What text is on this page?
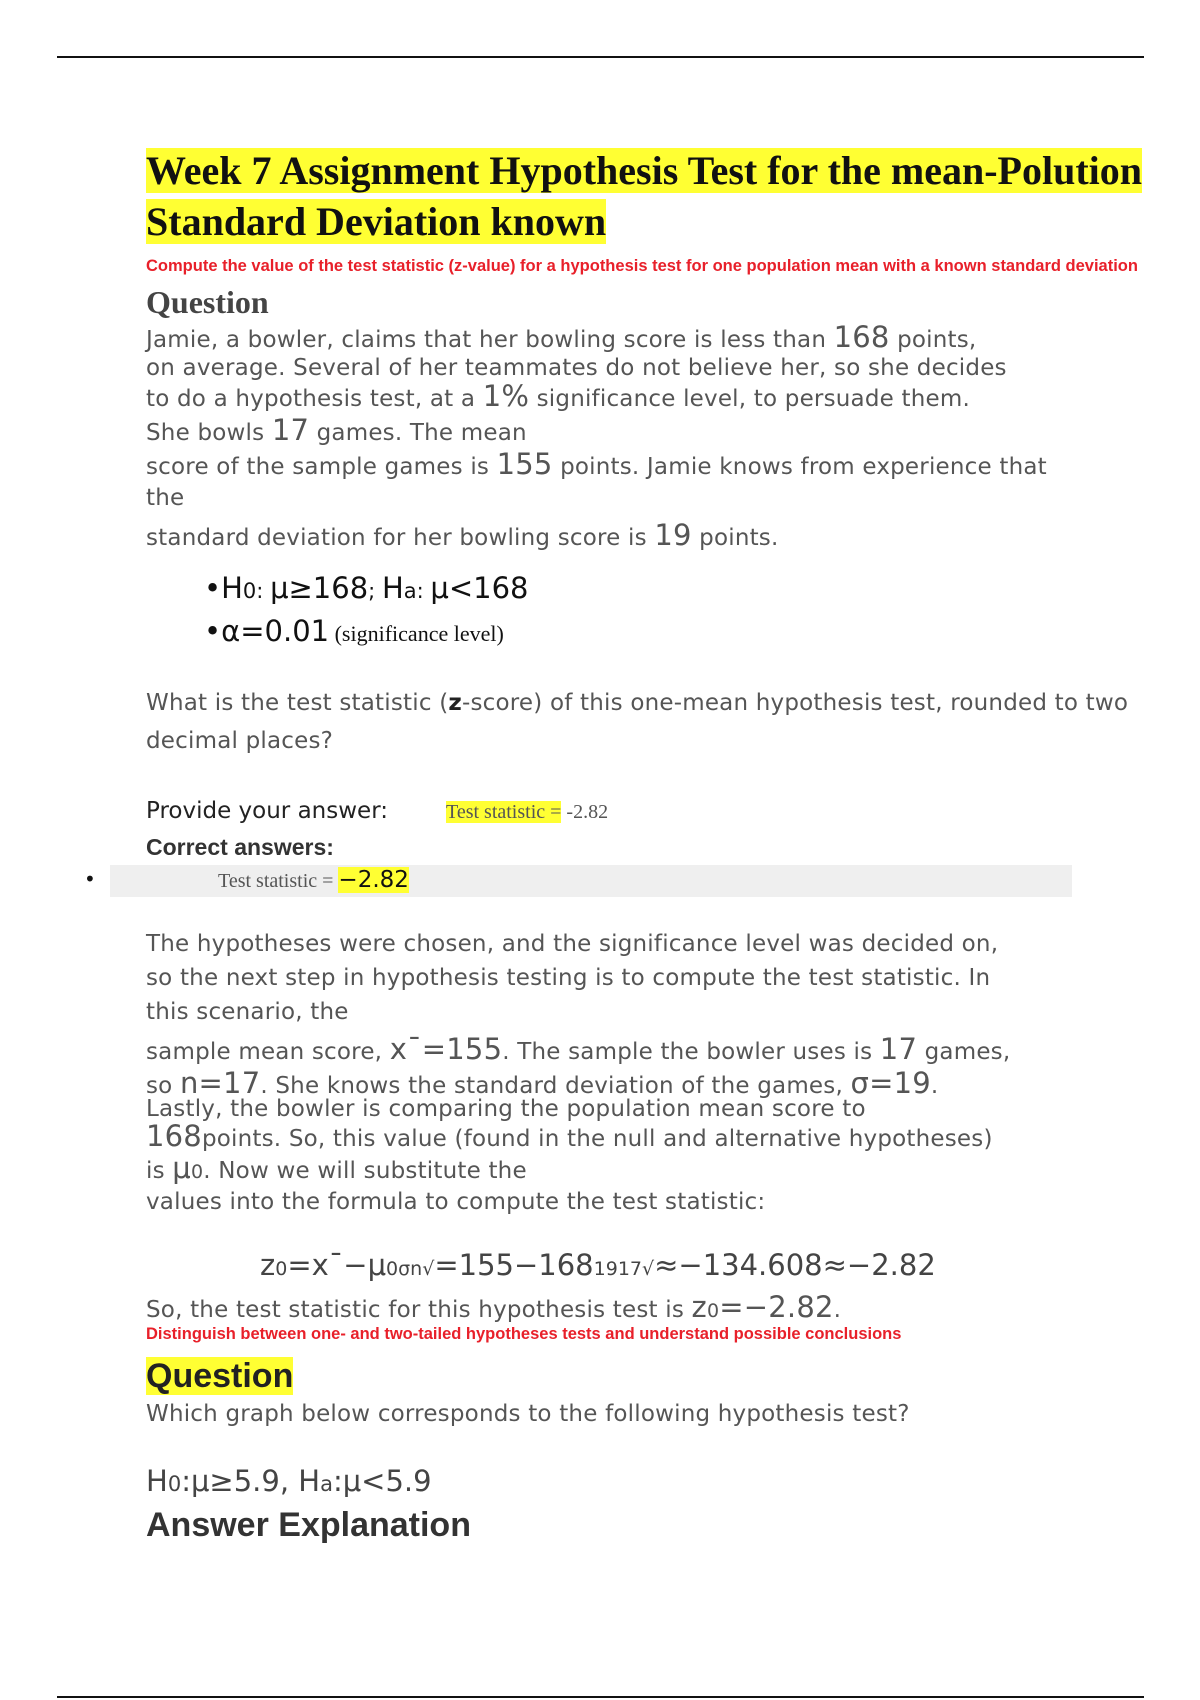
Week 7 Assignment Hypothesis Test for the mean-Polution Standard Deviation known

Compute the value of the test statistic (z-value) for a hypothesis test for one population mean with a known standard deviation

Question

Jamie, a bowler, claims that her bowling score is less than 168 points,

on average. Several of her teammates do not believe her, so she decides

to do a hypothesis test, at a 1% significance level, to persuade them.

She bowls 17 games. The mean

score of the sample games is 155 points. Jamie knows from experience that

the

standard deviation for her bowling score is 19 points.

•H0: μ≥168; Ha: μ<168
•α=0.01 (significance level)

What is the test statistic (z-score) of this one-mean hypothesis test, rounded to two decimal places?

Provide your answer:	Test statistic = -2.82
Correct answers:
•	Test statistic = −2.82

The hypotheses were chosen, and the significance level was decided on,

so the next step in hypothesis testing is to compute the test statistic. In

this scenario, the

sample mean score, x¯=155. The sample the bowler uses is 17 games,

so n=17. She knows the standard deviation of the games, σ=19.

Lastly, the bowler is comparing the population mean score to

168points. So, this value (found in the null and alternative hypotheses)

is μ0. Now we will substitute the

values into the formula to compute the test statistic:

z0=x¯−μ0σn√=155−1681917√≈−134.608≈−2.82

So, the test statistic for this hypothesis test is z0=−2.82.

Distinguish between one- and two-tailed hypotheses tests and understand possible conclusions

Question

Which graph below corresponds to the following hypothesis test?

H0:μ≥5.9, Ha:μ<5.9
Answer Explanation
